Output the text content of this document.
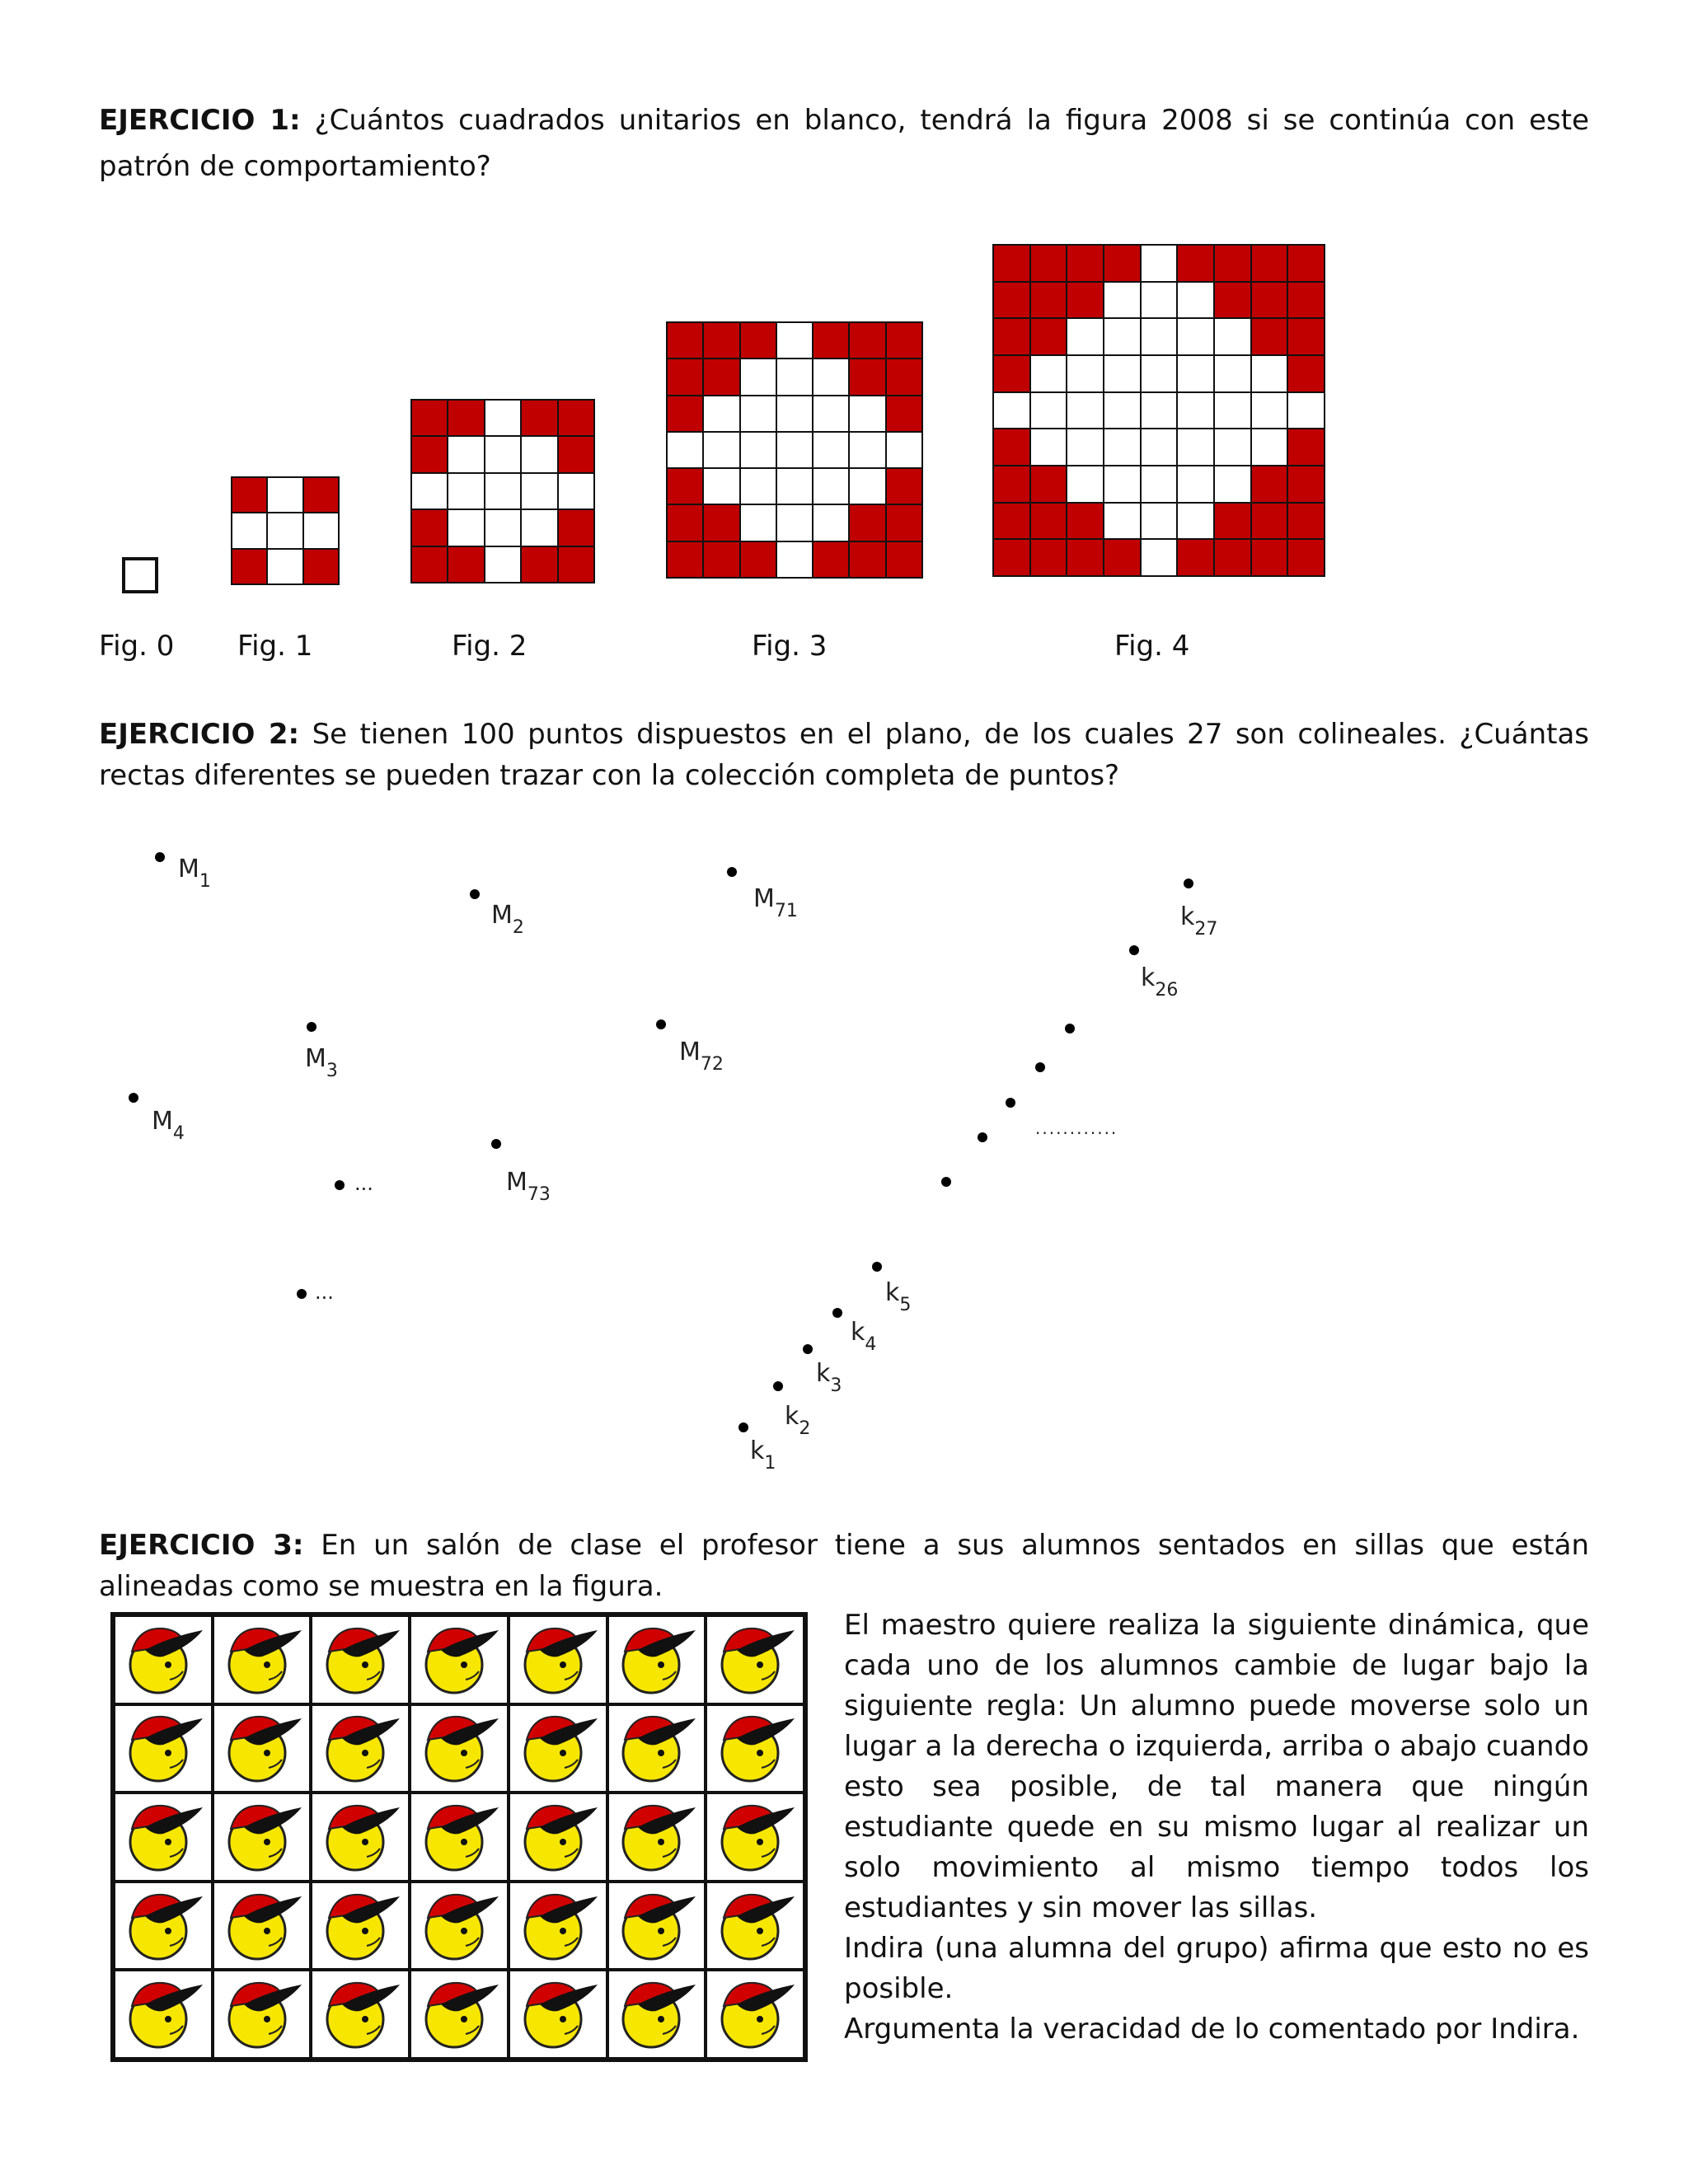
EJERCICIO 1: ¿Cuántos cuadrados unitarios en blanco, tendrá la figura 2008 si se continúa con este patrón de comportamiento?
Fig. 0 Fig. 1	Fig. 2	Fig. 3	Fig. 4
EJERCICIO 2: Se tienen 100 puntos dispuestos en el plano, de los cuales 27 son colineales. ¿Cuántas rectas diferentes se pueden trazar con la colección completa de puntos?
$M_1$
$M_2$
$M_3$
$M_4$
$M_{71}$
$M_{72}$
$M_{73}$
...
...
$k_{27}$
$k_{26}$
............
$k_5$
$k_4$
$k_3$
$k_2$
$k_1$
EJERCICIO 3: En un salón de clase el profesor tiene a sus alumnos sentados en sillas que están alineadas como se muestra en la figura.

El maestro quiere realiza la siguiente dinámica, que cada uno de los alumnos cambie de lugar bajo la siguiente regla: Un alumno puede moverse solo un lugar a la derecha o izquierda, arriba o abajo cuando esto sea posible, de tal manera que ningún estudiante quede en su mismo lugar al realizar un solo movimiento al mismo tiempo todos los estudiantes y sin mover las sillas.

Indira (una alumna del grupo) afirma que esto no es posible.

Argumenta la veracidad de lo comentado por Indira.
